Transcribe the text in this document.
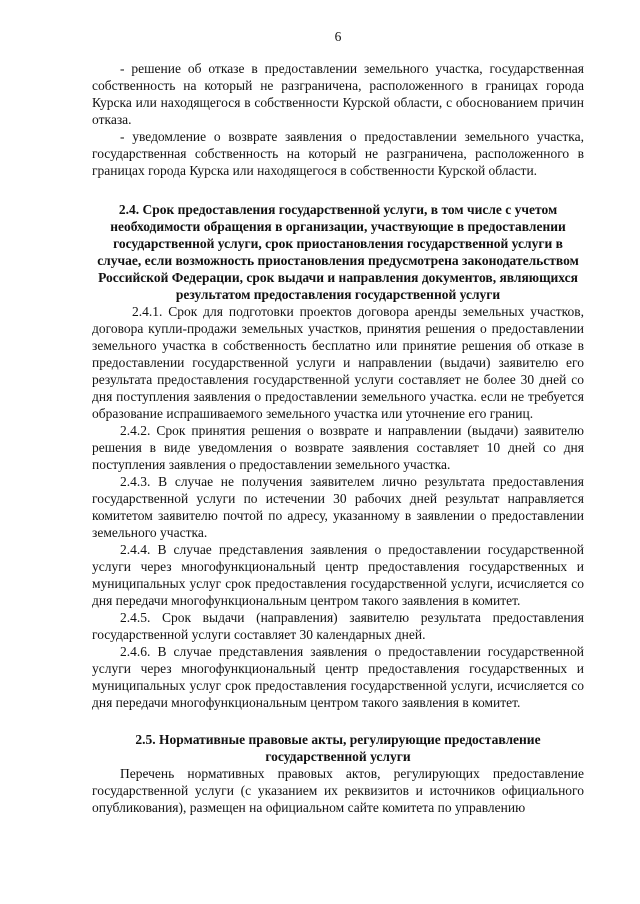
6

- решение об отказе в предоставлении земельного участка, государственная собственность на который не разграничена, расположенного в границах города Курска или находящегося в собственности Курской области, с обоснованием причин отказа.

- уведомление о возврате заявления о предоставлении земельного участка, государственная собственность на который не разграничена, расположенного в границах города Курска или находящегося в собственности Курской области.

2.4. Срок предоставления государственной услуги, в том числе с учетом необходимости обращения в организации, участвующие в предоставлении государственной услуги, срок приостановления государственной услуги в случае, если возможность приостановления предусмотрена законодательством Российской Федерации, срок выдачи и направления документов, являющихся результатом предоставления государственной услуги

2.4.1. Срок для подготовки проектов договора аренды земельных участков, договора купли-продажи земельных участков, принятия решения о предоставлении земельного участка в собственность бесплатно или принятие решения об отказе в предоставлении государственной услуги и направлении (выдачи) заявителю его результата предоставления государственной услуги составляет не более 30 дней со дня поступления заявления о предоставлении земельного участка. если не требуется образование испрашиваемого земельного участка или уточнение его границ.

2.4.2. Срок принятия решения о возврате и направлении (выдачи) заявителю решения в виде уведомления о возврате заявления составляет 10 дней со дня поступления заявления о предоставлении земельного участка.

2.4.3. В случае не получения заявителем лично результата предоставления государственной услуги по истечении 30 рабочих дней результат направляется комитетом заявителю почтой по адресу, указанному в заявлении о предоставлении земельного участка.

2.4.4. В случае представления заявления о предоставлении государственной услуги через многофункциональный центр предоставления государственных и муниципальных услуг срок предоставления государственной услуги, исчисляется со дня передачи многофункциональным центром такого заявления в комитет.

2.4.5. Срок выдачи (направления) заявителю результата предоставления государственной услуги составляет 30 календарных дней.

2.4.6. В случае представления заявления о предоставлении государственной услуги через многофункциональный центр предоставления государственных и муниципальных услуг срок предоставления государственной услуги, исчисляется со дня передачи многофункциональным центром такого заявления в комитет.

2.5. Нормативные правовые акты, регулирующие предоставление государственной услуги

Перечень нормативных правовых актов, регулирующих предоставление государственной услуги (с указанием их реквизитов и источников официального опубликования), размещен на официальном сайте комитета по управлению
